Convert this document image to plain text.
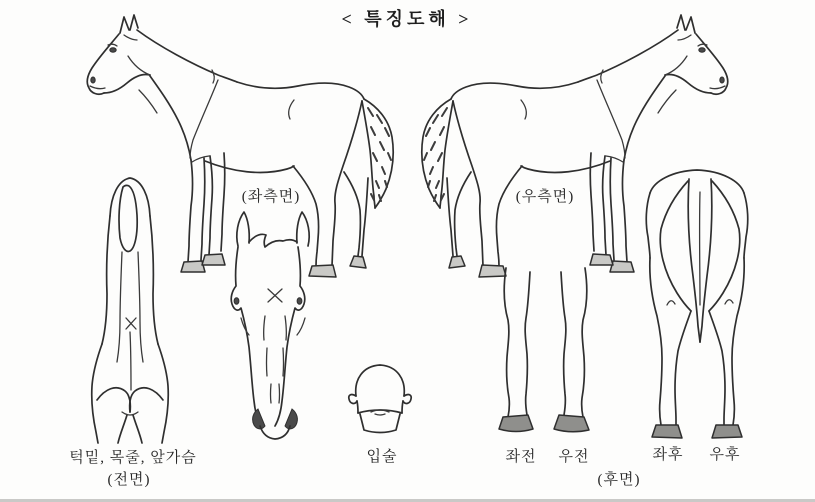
< 특징도해 >
(좌측면)	(우측면)
턱밑, 목줄, 앞가슴
(전면)
입술	좌전 우전	좌후 우후
(후면)
